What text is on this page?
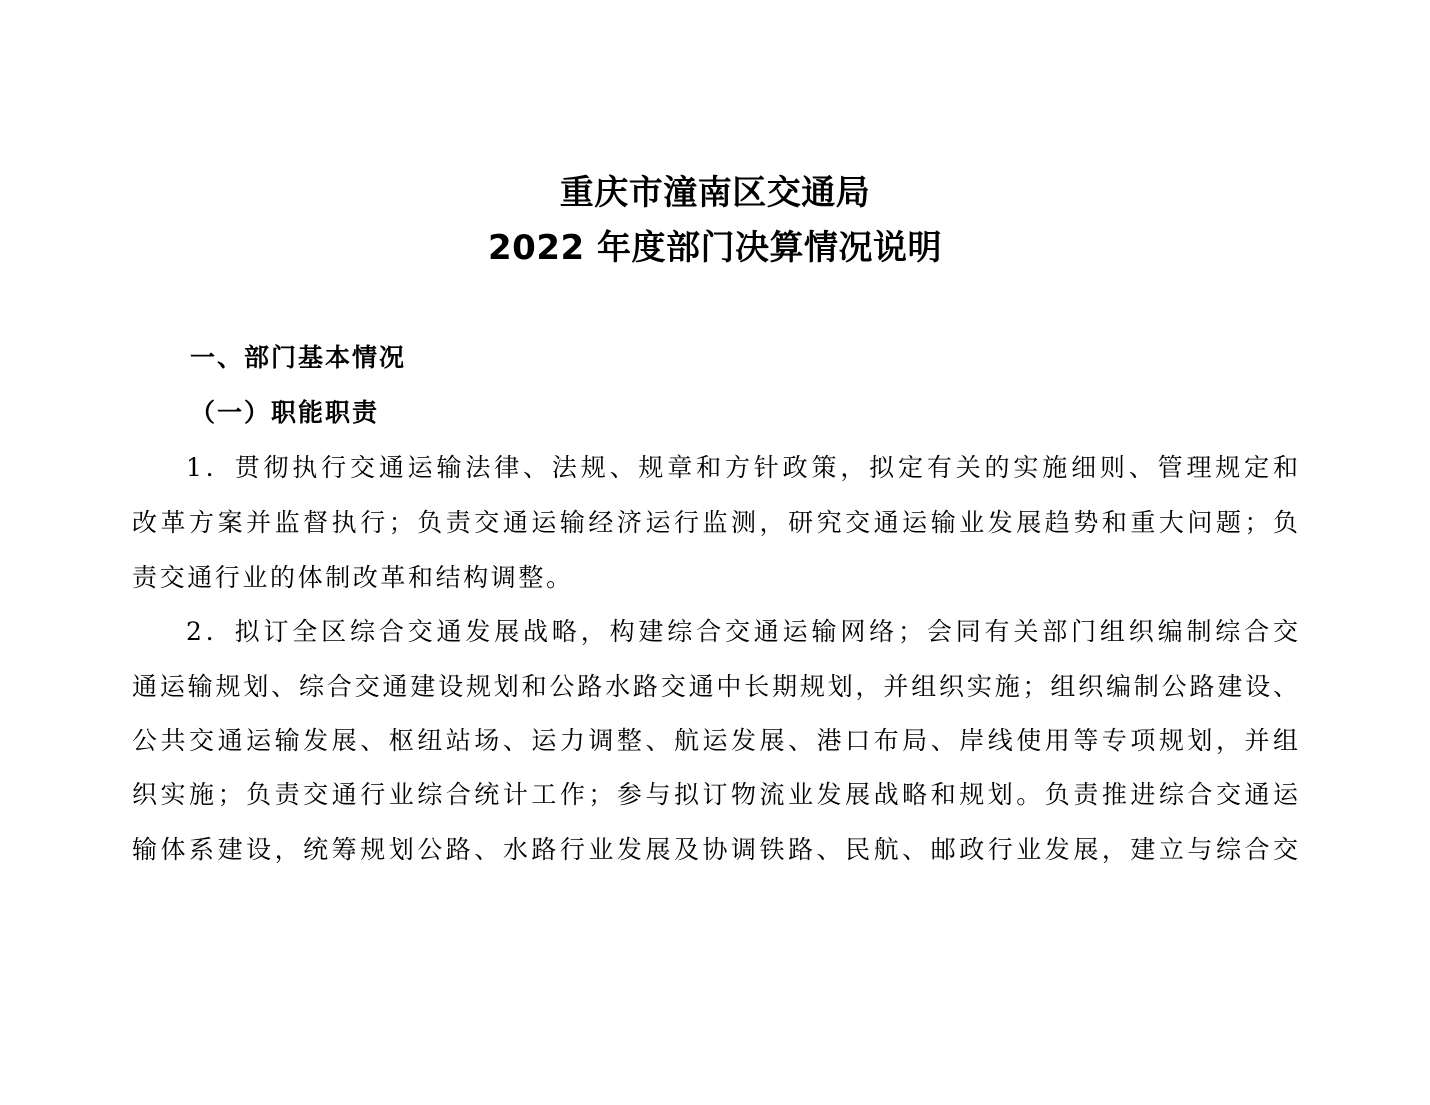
重庆市潼南区交通局
2022 年度部门决算情况说明
一、部门基本情况
（一）职能职责
1．贯彻执行交通运输法律、法规、规章和方针政策，拟定有关的实施细则、管理规定和
改革方案并监督执行；负责交通运输经济运行监测，研究交通运输业发展趋势和重大问题；负
责交通行业的体制改革和结构调整。
2．拟订全区综合交通发展战略，构建综合交通运输网络；会同有关部门组织编制综合交
通运输规划、综合交通建设规划和公路水路交通中长期规划，并组织实施；组织编制公路建设、
公共交通运输发展、枢纽站场、运力调整、航运发展、港口布局、岸线使用等专项规划，并组
织实施；负责交通行业综合统计工作；参与拟订物流业发展战略和规划。负责推进综合交通运
输体系建设，统筹规划公路、水路行业发展及协调铁路、民航、邮政行业发展，建立与综合交
